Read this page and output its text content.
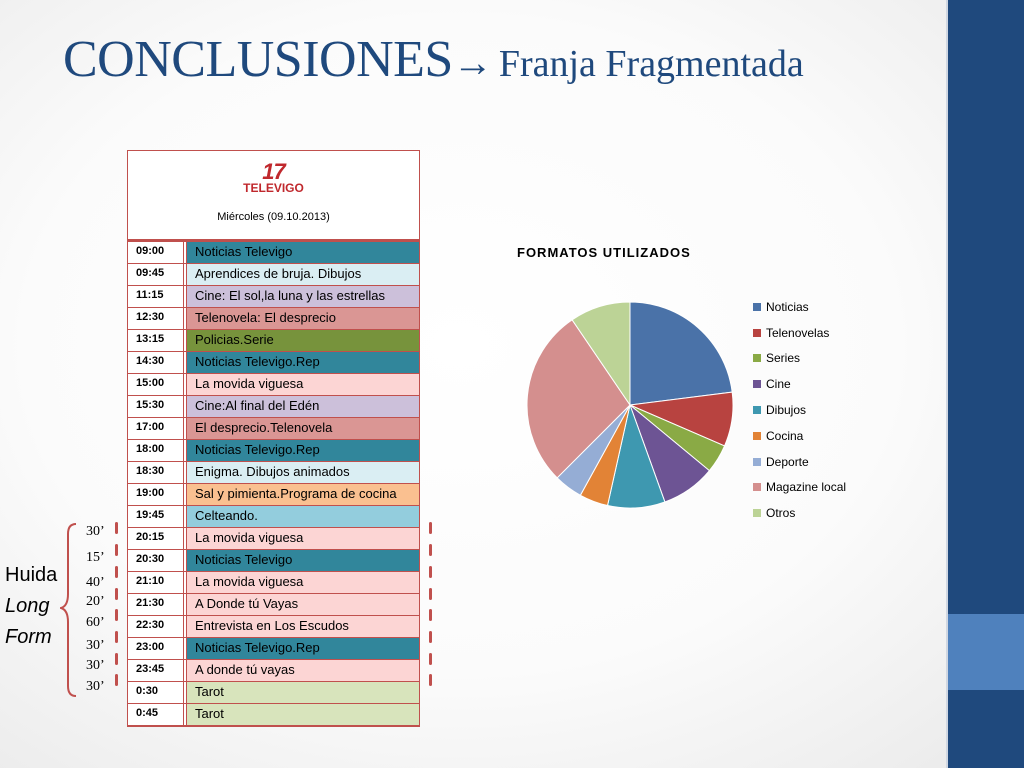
CONCLUSIONES→ Franja Fragmentada
17
TELEVIGO
Miércoles (09.10.2013)
09:00	Noticias Televigo
09:45	Aprendices de bruja. Dibujos
11:15	Cine: El sol,la luna y las estrellas
12:30	Telenovela: El desprecio
13:15	Policias.Serie
14:30	Noticias Televigo.Rep
15:00	La movida viguesa
15:30	Cine:Al final del Edén
17:00	El desprecio.Telenovela
18:00	Noticias Televigo.Rep
18:30	Enigma. Dibujos animados
19:00	Sal y pimienta.Programa de cocina
19:45	Celteando.
20:15	La movida viguesa
20:30	Noticias Televigo
21:10	La movida viguesa
21:30	A Donde tú Vayas
22:30	Entrevista en Los Escudos
23:00	Noticias Televigo.Rep
23:45	A donde tú vayas
0:30	Tarot
0:45	Tarot
Huida
Long
Form
30’
15’
40’
20’
60’
30’
30’
30’
FORMATOS UTILIZADOS
Noticias
Telenovelas
Series
Cine
Dibujos
Cocina
Deporte
Magazine local
Otros
